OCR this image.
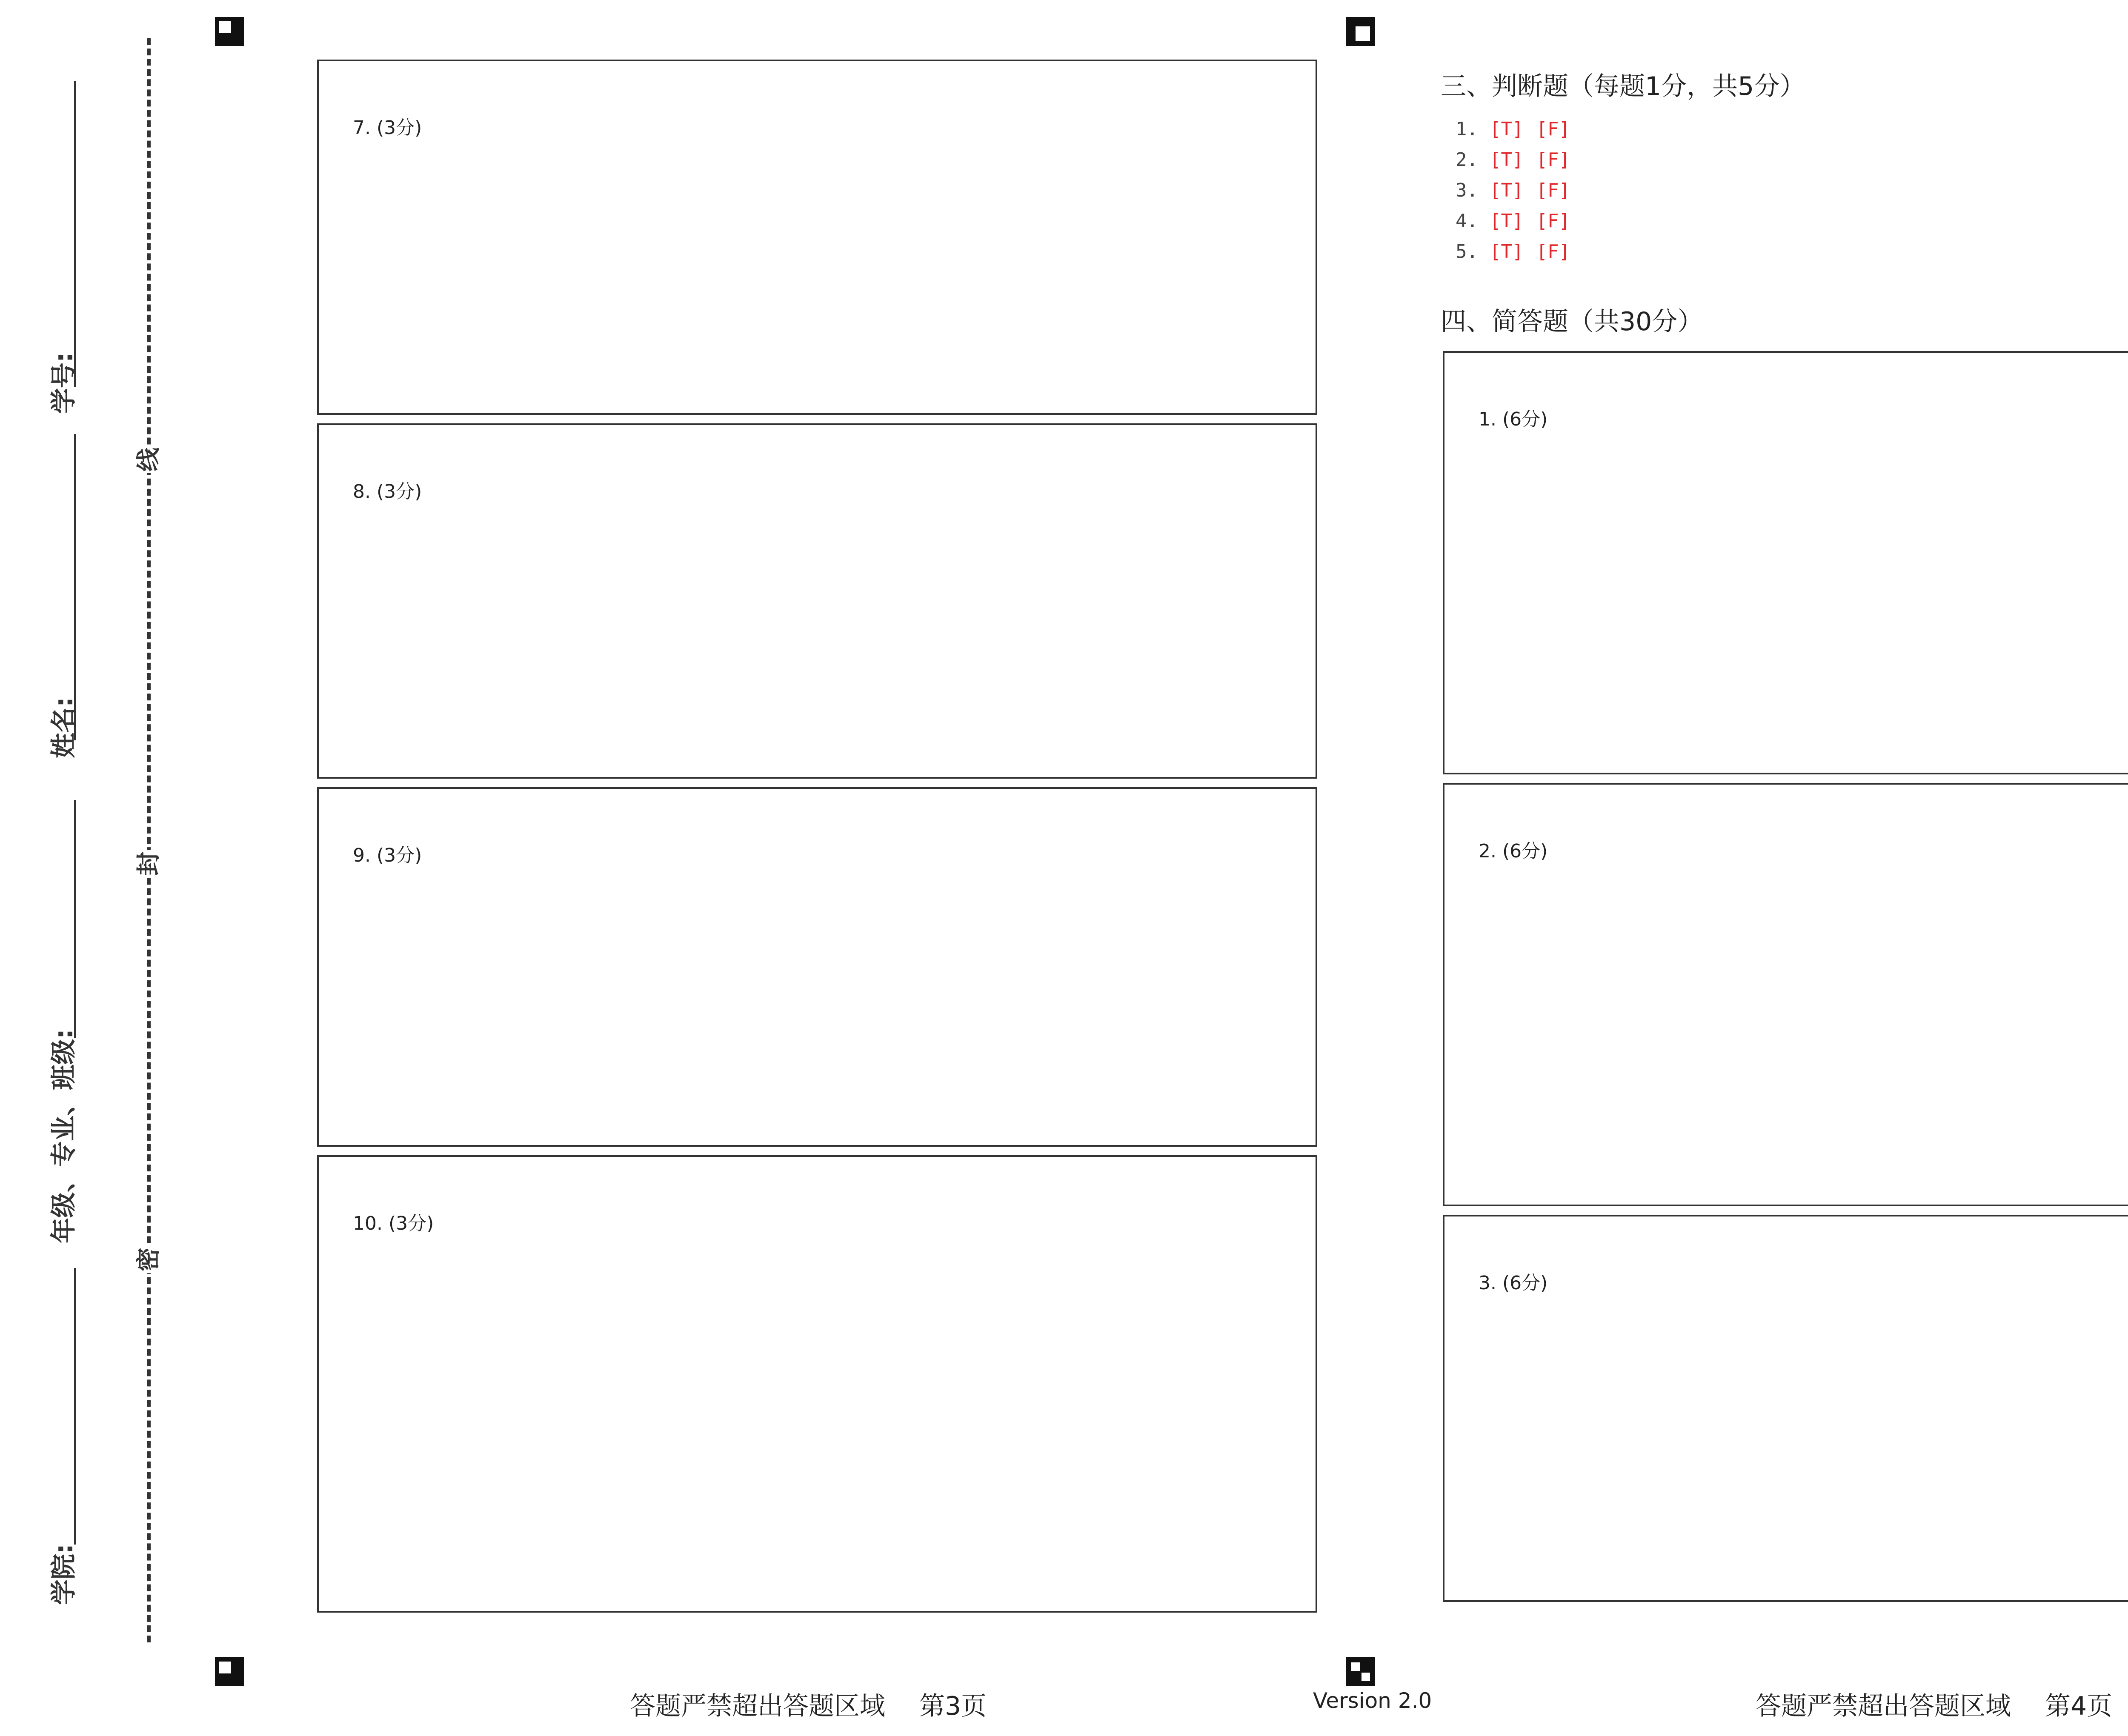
学号:
姓名:
年级、专业、班级:
学院:
线
封
密
7. (3分)
8. (3分)
9. (3分)
10. (3分)
三、判断题（每题1分，共5分）
1. [T] [F]
2. [T] [F]
3. [T] [F]
4. [T] [F]
5. [T] [F]
四、简答题（共30分）
1. (6分)
2. (6分)
3. (6分)
答题严禁超出答题区域 第3页	Version 2.0	答题严禁超出答题区域 第4页
